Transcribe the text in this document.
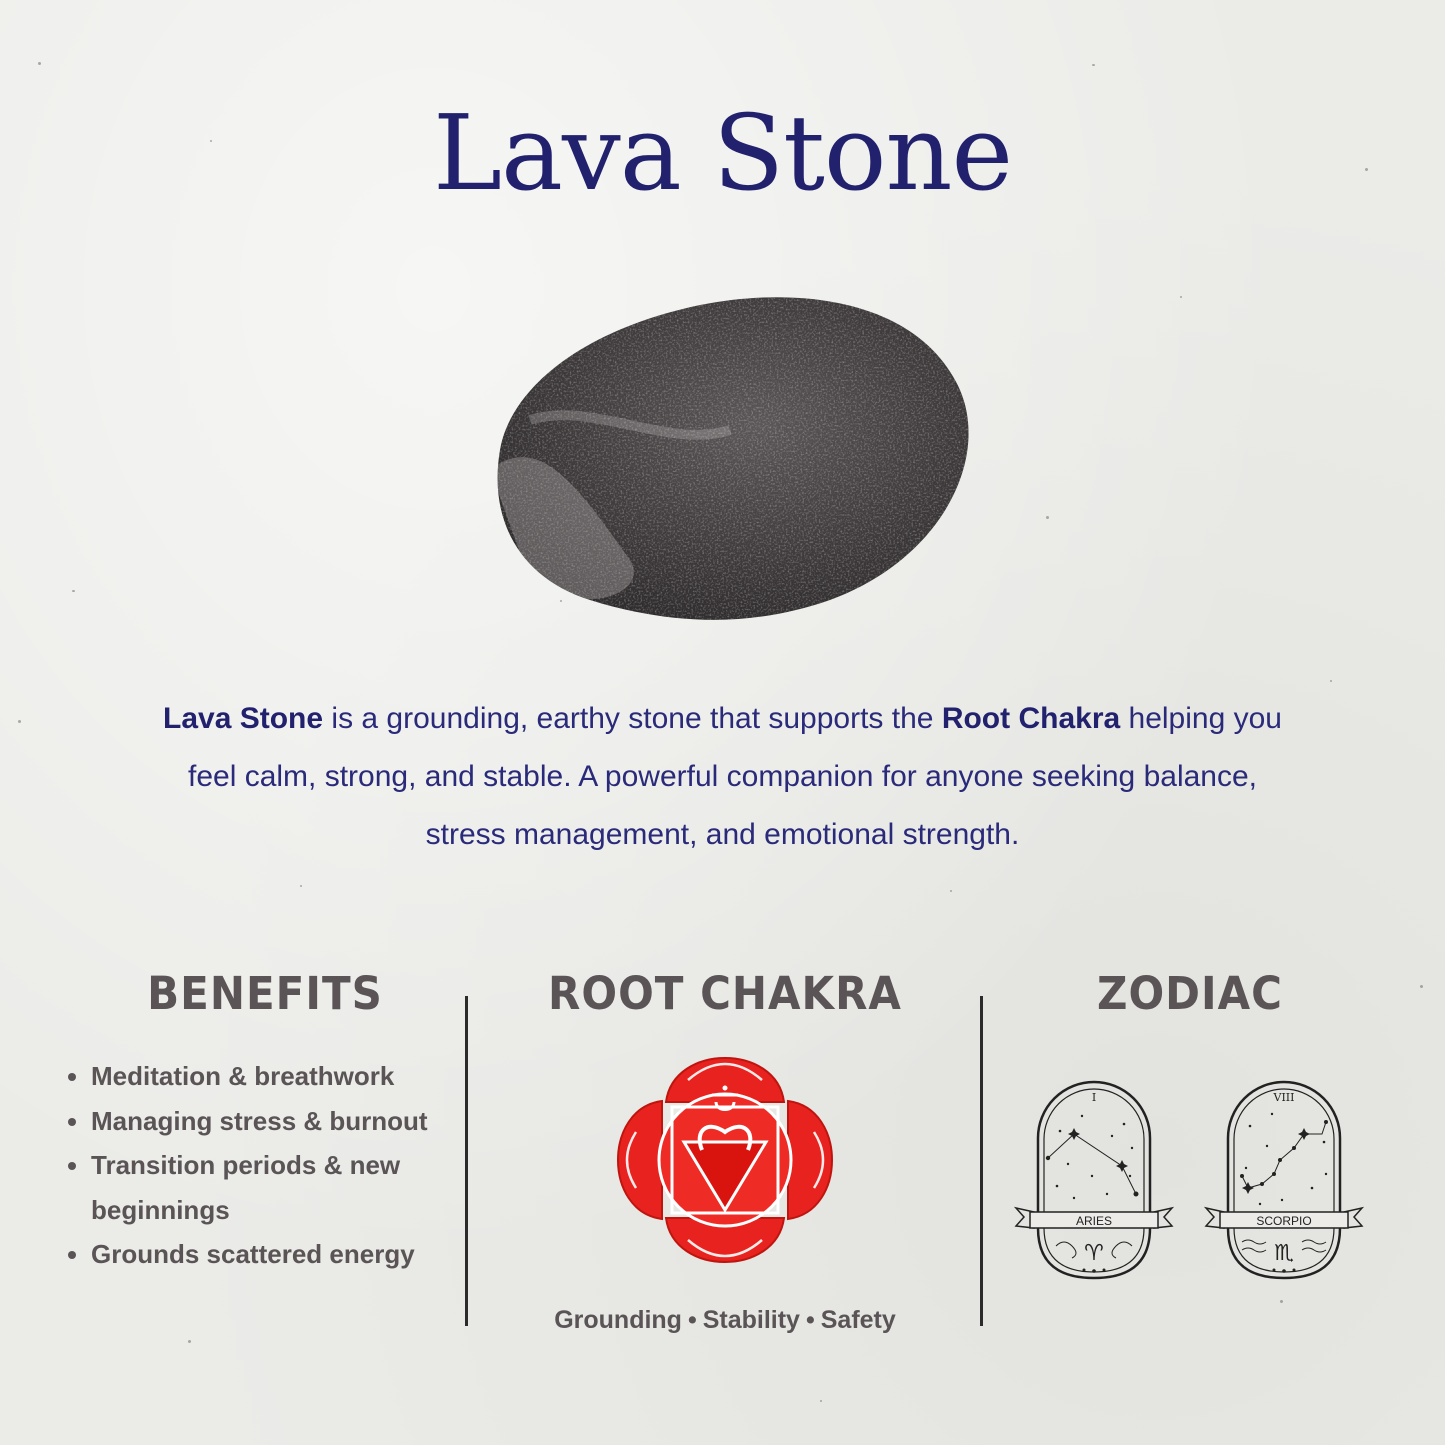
Lava Stone
Lava Stone is a grounding, earthy stone that supports the Root Chakra helping you feel calm, strong, and stable. A powerful companion for anyone seeking balance, stress management, and emotional strength.
BENEFITS	ROOT CHAKRA	ZODIAC
Meditation & breathwork
Managing stress & burnout
Transition periods & new beginnings
Grounds scattered energy
Grounding • Stability • Safety
I
ARIES
♈
VIII
SCORPIO
♏
